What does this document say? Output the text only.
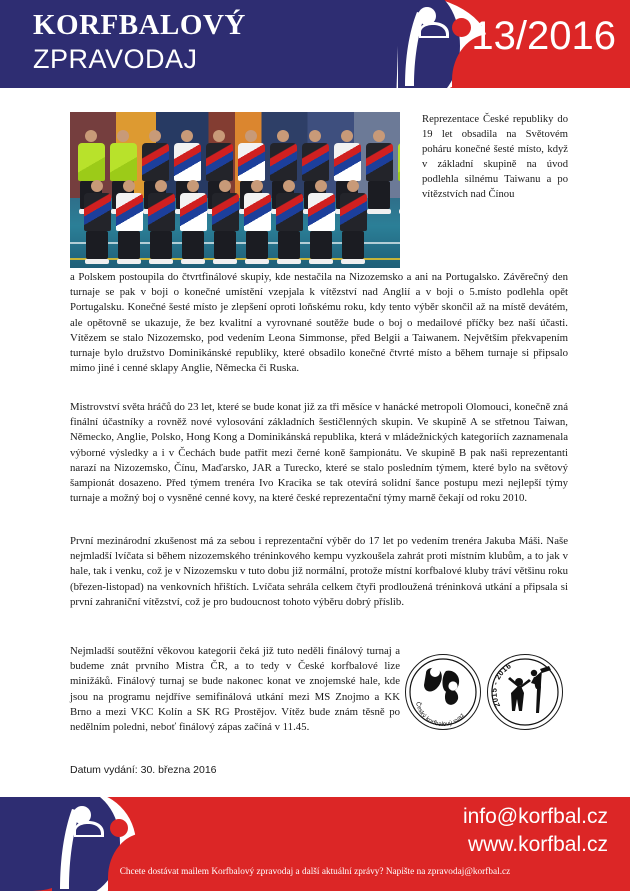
KORFBALOVÝ
ZPRAVODAJ
13/2016
Reprezentace České republiky do 19 let obsadila na Světovém poháru konečné šesté místo, když v základní skupině na úvod podlehla silnému Taiwanu a po vítězstvích nad Čínou

a Polskem postoupila do čtvrtfinálové skupiy, kde nestačila na Nizozemsko a ani na Portugalsko. Závěrečný den turnaje se pak v boji o konečné umístění vzepjala k vítězství nad Anglií a v boji o 5.místo podlehla opět Portugalsku. Konečné šesté místo je zlepšení oproti loňskému roku, kdy tento výběr skončil až na místě devátém, ale opětovně se ukazuje, že bez kvalitní a vyrovnané soutěže bude o boj o medailové příčky bez naší účasti. Vítězem se stalo Nizozemsko, pod vedením Leona Simmonse, před Belgii a Taiwanem. Největším překvapením turnaje bylo družstvo Dominikánské republiky, které obsadilo konečné čtvrté místo a během turnaje si připsalo mimo jiné i cenné sklapy Anglie, Německa či Ruska.

Mistrovství světa hráčů do 23 let, které se bude konat již za tři měsíce v hanácké metropoli Olomouci, konečně zná finální účastníky a rovněž nové vylosování základních šestičlenných skupin. Ve skupině A se střetnou Taiwan, Německo, Anglie, Polsko, Hong Kong a Dominikánská republika, která v mládežnických kategoriích zaznamenala výborné výsledky a i v Čechách bude patřit mezi černé koně šampionátu. Ve skupině B pak naši reprezentanti narazí na Nizozemsko, Čínu, Maďarsko, JAR a Turecko, které se stalo posledním týmem, které bylo na světový šampionát dosazeno. Před týmem trenéra Ivo Kracika se tak otevírá solidní šance postupu mezi nejlepší týmy turnaje a možný boj o vysněné cenné kovy, na které české reprezentační týmy marně čekají od roku 2010.

První mezinárodní zkušenost má za sebou i reprezentační výběr do 17 let po vedením trenéra Jakuba Máši. Naše nejmladší lvíčata si během nizozemského tréninkového kempu vyzkoušela zahrát proti místním klubům, a to jak v hale, tak i venku, což je v Nizozemsku v tuto dobu již normální, protože místní korfbalové kluby tráví většinu roku (březen-listopad) na venkovních hřištích. Lvíčata sehrála celkem čtyři prodloužená tréninková utkání a připsala si první zahraniční vítězství, což je pro budoucnost tohoto výběru dobrý příslib.

Nejmladší soutěžní věkovou kategorii čeká již tuto neděli finálový turnaj a budeme znát prvního Mistra ČR, a to tedy v České korfbalové lize minižáků. Finálový turnaj se bude nakonec konat ve znojemské hale, kde jsou na programu nejdříve semifinálová utkání mezi MS Znojmo a KK Brno a mezi VKC Kolín a SK RG Prostějov. Vítěz bude znám těsně po nedělním poledni, neboť finálový zápas začíná v 11.45.

Český korfbalový svaz
2015 - 2016
Datum vydání: 30. března 2016
info@korfbal.cz
www.korfbal.cz
Chcete dostávat mailem Korfbalový zpravodaj a další aktuální zprávy? Napište na zpravodaj@korfbal.cz
